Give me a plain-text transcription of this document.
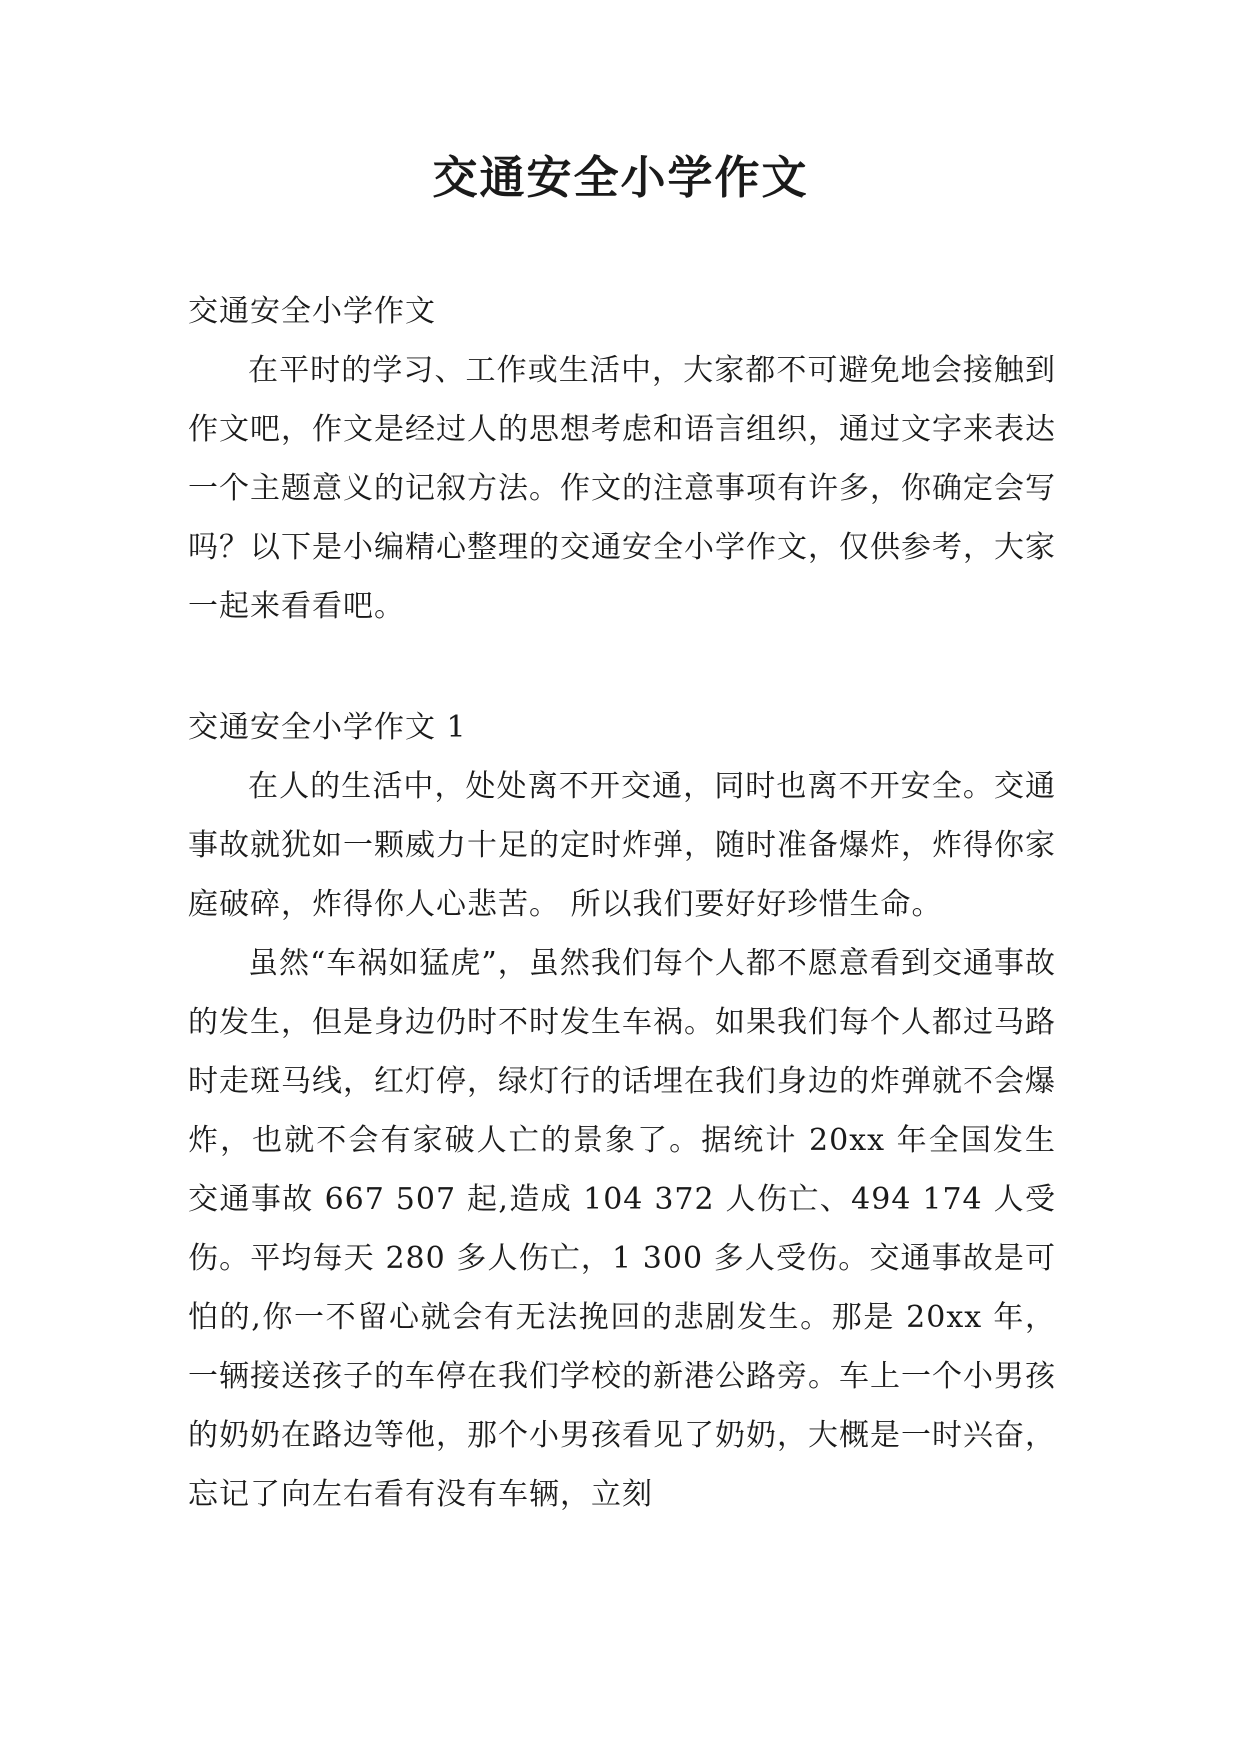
交通安全小学作文
交通安全小学作文

在平时的学习、工作或生活中，大家都不可避免地会接触到作文吧，作文是经过人的思想考虑和语言组织，通过文字来表达一个主题意义的记叙方法。作文的注意事项有许多，你确定会写吗？以下是小编精心整理的交通安全小学作文，仅供参考，大家一起来看看吧。

交通安全小学作文 1

在人的生活中，处处离不开交通，同时也离不开安全。交通事故就犹如一颗威力十足的定时炸弹，随时准备爆炸，炸得你家庭破碎，炸得你人心悲苦。 所以我们要好好珍惜生命。

虽然“车祸如猛虎”，虽然我们每个人都不愿意看到交通事故的发生，但是身边仍时不时发生车祸。如果我们每个人都过马路时走斑马线，红灯停，绿灯行的话埋在我们身边的炸弹就不会爆炸，也就不会有家破人亡的景象了。据统计 20xx 年全国发生交通事故 667 507 起,造成 104 372 人伤亡、494 174 人受伤。平均每天 280 多人伤亡，1 300 多人受伤。交通事故是可怕的,你一不留心就会有无法挽回的悲剧发生。那是 20xx 年，一辆接送孩子的车停在我们学校的新港公路旁。车上一个小男孩的奶奶在路边等他，那个小男孩看见了奶奶，大概是一时兴奋，忘记了向左右看有没有车辆，立刻
